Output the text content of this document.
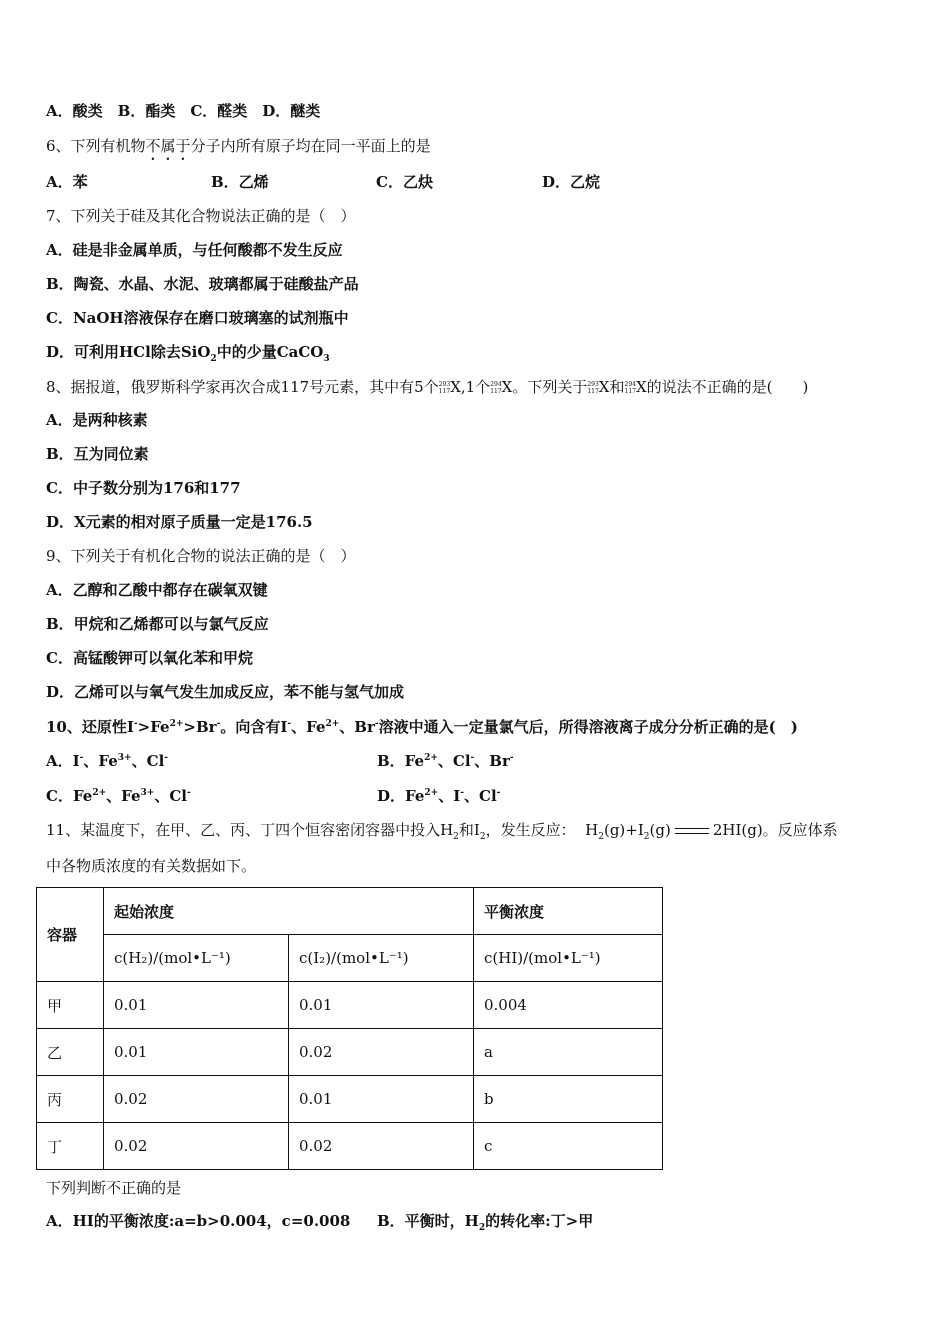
A．酸类　B．酯类　C．醛类　D．醚类
6、下列有机物不属于分子内所有原子均在同一平面上的是
A．苯	B．乙烯	C．乙炔	D．乙烷
7、下列关于硅及其化合物说法正确的是（　）
A．硅是非金属单质，与任何酸都不发生反应
B．陶瓷、水晶、水泥、玻璃都属于硅酸盐产品
C．NaOH溶液保存在磨口玻璃塞的试剂瓶中
D．可利用HCl除去SiO$_2$中的少量CaCO$_3$
8、据报道，俄罗斯科学家再次合成117号元素，其中有5个293
117X,1个294
117X。下列关于293
117X和294
117X的说法不正确的是(　　)
A．是两种核素
B．互为同位素
C．中子数分别为176和177
D．X元素的相对原子质量一定是176.5
9、下列关于有机化合物的说法正确的是（　）
A．乙醇和乙酸中都存在碳氧双键
B．甲烷和乙烯都可以与氯气反应
C．高锰酸钾可以氧化苯和甲烷
D．乙烯可以与氧气发生加成反应，苯不能与氢气加成
10、还原性$I^->Fe^{2+}>Br^-$。向含有I-、$Fe^{2+}$、Br-溶液中通入一定量氯气后，所得溶液离子成分分析正确的是(　)
A．I-、$Fe^{3+}$、Cl-	B．$Fe^{2+}$、Cl-、Br-
C．$Fe^{2+}$、$Fe^{3+}$、Cl-	D．$Fe^{2+}$、I-、Cl-
11、某温度下，在甲、乙、丙、丁四个恒容密闭容器中投入$H_2$和$I_2$，发生反应： $H_2(g)+I_2(g)$	2HI(g)。反应体系
中各物质浓度的有关数据如下。
容器	起始浓度		平衡浓度
	c(H₂)/(mol•L⁻¹)	c(I₂)/(mol•L⁻¹)	c(HI)/(mol•L⁻¹)
甲	0.01	0.01	0.004
乙	0.01	0.02	a
丙	0.02	0.01	b
丁	0.02	0.02	c
下列判断不正确的是
A．HI的平衡浓度:a=b>0.004，c=0.008 B．平衡时，$H_2$的转化率:丁>甲
